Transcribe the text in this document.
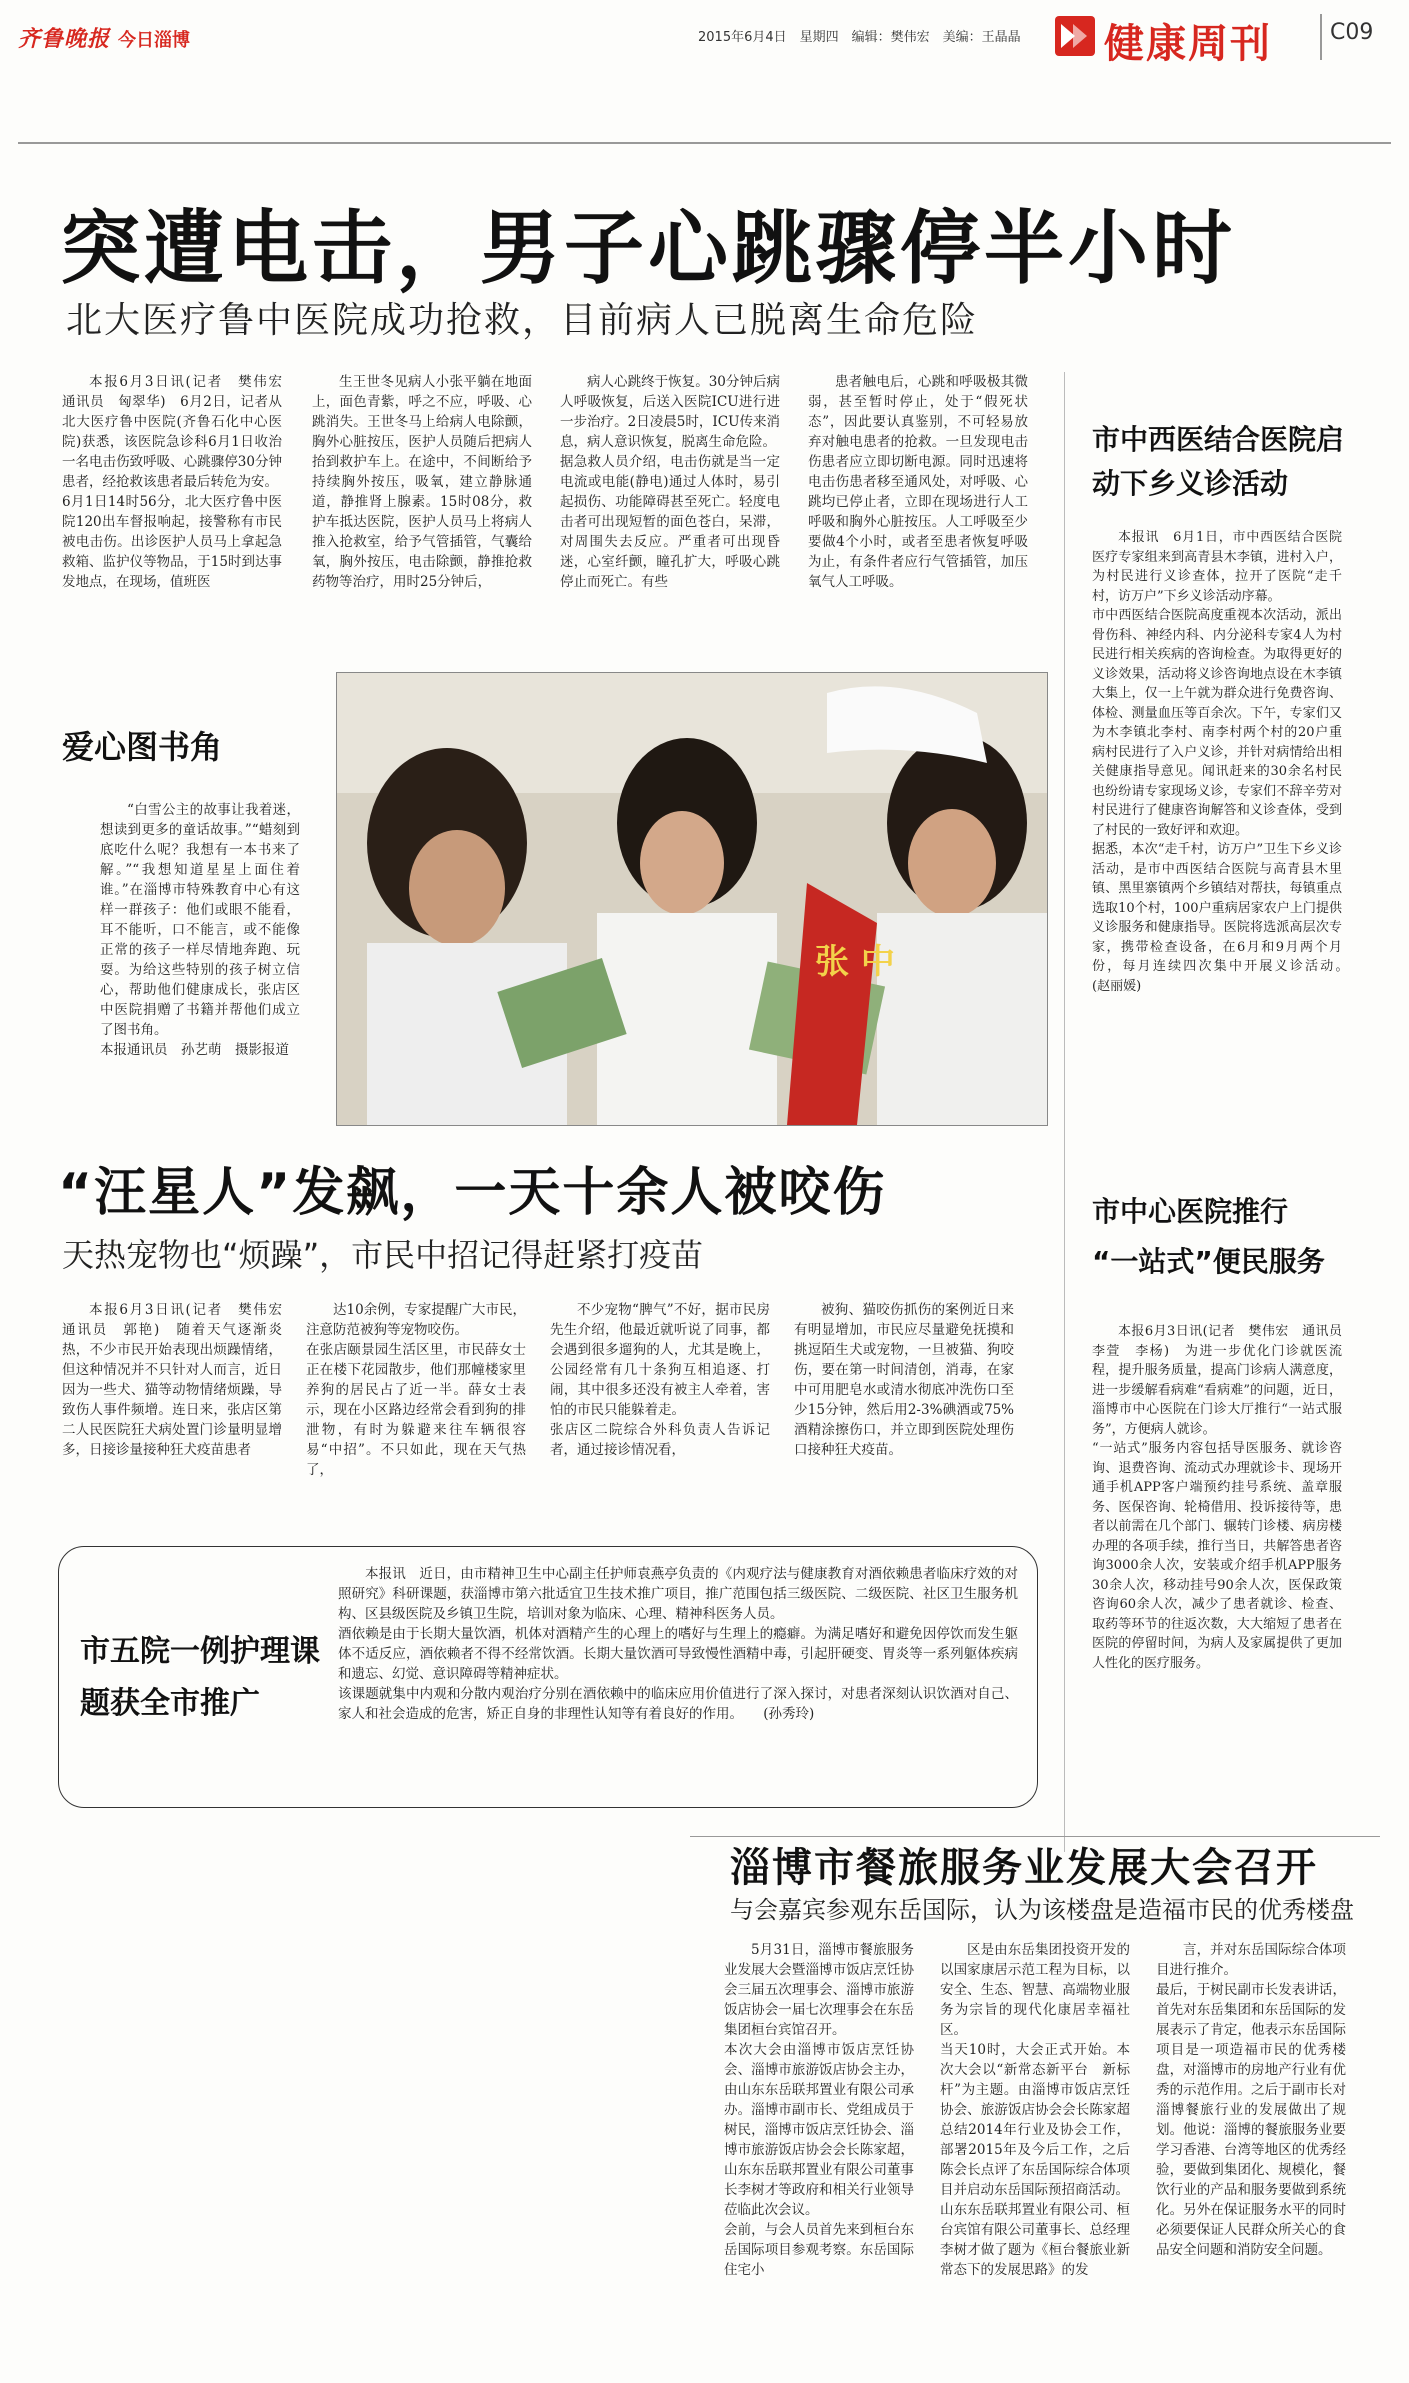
齐鲁晚报 今日淄博	2015年6月4日　星期四　编辑：樊伟宏　美编：王晶晶 健康周刊	C09
突遭电击，男子心跳骤停半小时
北大医疗鲁中医院成功抢救，目前病人已脱离生命危险

本报6月3日讯(记者　樊伟宏　通讯员　匈翠华)　6月2日，记者从北大医疗鲁中医院(齐鲁石化中心医院)获悉，该医院急诊科6月1日收治一名电击伤致呼吸、心跳骤停30分钟患者，经抢救该患者最后转危为安。
6月1日14时56分，北大医疗鲁中医院120出车督报响起，接警称有市民被电击伤。出诊医护人员马上拿起急救箱、监护仪等物品，于15时到达事发地点，在现场，值班医

生王世冬见病人小张平躺在地面上，面色青紫，呼之不应，呼吸、心跳消失。王世冬马上给病人电除颤，胸外心脏按压，医护人员随后把病人抬到救护车上。在途中，不间断给予持续胸外按压，吸氧，建立静脉通道，静推肾上腺素。15时08分，救护车抵达医院，医护人员马上将病人推入抢救室，给予气管插管，气囊给氧，胸外按压，电击除颤，静推抢救药物等治疗，用时25分钟后，

病人心跳终于恢复。30分钟后病人呼吸恢复，后送入医院ICU进行进一步治疗。2日凌晨5时，ICU传来消息，病人意识恢复，脱离生命危险。
据急救人员介绍，电击伤就是当一定电流或电能(静电)通过人体时，易引起损伤、功能障碍甚至死亡。轻度电击者可出现短暂的面色苍白，呆滞，对周围失去反应。严重者可出现昏迷，心室纤颤，瞳孔扩大，呼吸心跳停止而死亡。有些

患者触电后，心跳和呼吸极其微弱，甚至暂时停止，处于“假死状态”，因此要认真鉴别，不可轻易放弃对触电患者的抢救。一旦发现电击伤患者应立即切断电源。同时迅速将电击伤患者移至通风处，对呼吸、心跳均已停止者，立即在现场进行人工呼吸和胸外心脏按压。人工呼吸至少要做4个小时，或者至患者恢复呼吸为止，有条件者应行气管插管，加压氧气人工呼吸。

市中西医结合医院启动下乡义诊活动

本报讯　6月1日，市中西医结合医院医疗专家组来到高青县木李镇，进村入户，为村民进行义诊查体，拉开了医院“走千村，访万户”下乡义诊活动序幕。
市中西医结合医院高度重视本次活动，派出骨伤科、神经内科、内分泌科专家4人为村民进行相关疾病的咨询检查。为取得更好的义诊效果，活动将义诊咨询地点设在木李镇大集上，仅一上午就为群众进行免费咨询、体检、测量血压等百余次。下午，专家们又为木李镇北李村、南李村两个村的20户重病村民进行了入户义诊，并针对病情给出相关健康指导意见。闻讯赶来的30余名村民也纷纷请专家现场义诊，专家们不辞辛劳对村民进行了健康咨询解答和义诊查体，受到了村民的一致好评和欢迎。
据悉，本次“走千村，访万户”卫生下乡义诊活动，是市中西医结合医院与高青县木里镇、黑里寨镇两个乡镇结对帮扶，每镇重点选取10个村，100户重病居家农户上门提供义诊服务和健康指导。医院将选派高层次专家，携带检查设备，在6月和9月两个月份，每月连续四次集中开展义诊活动。　　(赵丽媛)

爱心图书角

“白雪公主的故事让我着迷，想读到更多的童话故事。”“蜡刻到底吃什么呢？我想有一本书来了解。”“我想知道星星上面住着谁。”在淄博市特殊教育中心有这样一群孩子：他们或眼不能看，耳不能听，口不能言，或不能像正常的孩子一样尽情地奔跑、玩耍。为给这些特别的孩子树立信心，帮助他们健康成长，张店区中医院捐赠了书籍并帮他们成立了图书角。
本报通讯员　孙艺萌　摄影报道

张 中
“汪星人”发飙，一天十余人被咬伤
天热宠物也“烦躁”，市民中招记得赶紧打疫苗

本报6月3日讯(记者　樊伟宏　通讯员　郭艳)　随着天气逐渐炎热，不少市民开始表现出烦躁情绪，但这种情况并不只针对人而言，近日因为一些犬、猫等动物情绪烦躁，导致伤人事件频增。连日来，张店区第二人民医院狂犬病处置门诊量明显增多，日接诊量接种狂犬疫苗患者

达10余例，专家提醒广大市民，注意防范被狗等宠物咬伤。
在张店颐景园生活区里，市民薛女士正在楼下花园散步，他们那幢楼家里养狗的居民占了近一半。薛女士表示，现在小区路边经常会看到狗的排泄物，有时为躲避来往车辆很容易“中招”。不只如此，现在天气热了，

不少宠物“脾气”不好，据市民房先生介绍，他最近就听说了同事，都会遇到很多遛狗的人，尤其是晚上，公园经常有几十条狗互相追逐、打闹，其中很多还没有被主人牵着，害怕的市民只能躲着走。
张店区二院综合外科负责人告诉记者，通过接诊情况看，

被狗、猫咬伤抓伤的案例近日来有明显增加，市民应尽量避免抚摸和挑逗陌生犬或宠物，一旦被猫、狗咬伤，要在第一时间清创，消毒，在家中可用肥皂水或清水彻底冲洗伤口至少15分钟，然后用2-3%碘酒或75%酒精涂擦伤口，并立即到医院处理伤口接种狂犬疫苗。

市中心医院推行
“一站式”便民服务

本报6月3日讯(记者　樊伟宏　通讯员　李萱　李杨)　为进一步优化门诊就医流程，提升服务质量，提高门诊病人满意度，进一步缓解看病难“看病难”的问题，近日，淄博市中心医院在门诊大厅推行“一站式服务”，方便病人就诊。
“一站式”服务内容包括导医服务、就诊咨询、退费咨询、流动式办理就诊卡、现场开通手机APP客户端预约挂号系统、盖章服务、医保咨询、轮椅借用、投诉接待等，患者以前需在几个部门、辗转门诊楼、病房楼办理的各项手续，推行当日，共解答患者咨询3000余人次，安装或介绍手机APP服务30余人次，移动挂号90余人次，医保政策咨询60余人次，减少了患者就诊、检查、取药等环节的往返次数，大大缩短了患者在医院的停留时间，为病人及家属提供了更加人性化的医疗服务。

市五院一例护理课题获全市推广

本报讯　近日，由市精神卫生中心副主任护师袁燕亭负责的《内观疗法与健康教育对酒依赖患者临床疗效的对照研究》科研课题，获淄博市第六批适宜卫生技术推广项目，推广范围包括三级医院、二级医院、社区卫生服务机构、区县级医院及乡镇卫生院，培训对象为临床、心理、精神科医务人员。
酒依赖是由于长期大量饮酒，机体对酒精产生的心理上的嗜好与生理上的瘾癖。为满足嗜好和避免因停饮而发生躯体不适反应，酒依赖者不得不经常饮酒。长期大量饮酒可导致慢性酒精中毒，引起肝硬变、胃炎等一系列躯体疾病和遗忘、幻觉、意识障碍等精神症状。
该课题就集中内观和分散内观治疗分别在酒依赖中的临床应用价值进行了深入探讨，对患者深刻认识饮酒对自己、家人和社会造成的危害，矫正自身的非理性认知等有着良好的作用。　　(孙秀玲)

淄博市餐旅服务业发展大会召开
与会嘉宾参观东岳国际，认为该楼盘是造福市民的优秀楼盘

5月31日，淄博市餐旅服务业发展大会暨淄博市饭店烹饪协会三届五次理事会、淄博市旅游饭店协会一届七次理事会在东岳集团桓台宾馆召开。
本次大会由淄博市饭店烹饪协会、淄博市旅游饭店协会主办，由山东东岳联邦置业有限公司承办。淄博市副市长、党组成员于树民，淄博市饭店烹饪协会、淄博市旅游饭店协会会长陈家超，山东东岳联邦置业有限公司董事长李树才等政府和相关行业领导莅临此次会议。
会前，与会人员首先来到桓台东岳国际项目参观考察。东岳国际住宅小

区是由东岳集团投资开发的以国家康居示范工程为目标，以安全、生态、智慧、高端物业服务为宗旨的现代化康居幸福社区。
当天10时，大会正式开始。本次大会以“新常态新平台　新标杆”为主题。由淄博市饭店烹饪协会、旅游饭店协会会长陈家超总结2014年行业及协会工作，部署2015年及今后工作，之后陈会长点评了东岳国际综合体项目并启动东岳国际预招商活动。
山东东岳联邦置业有限公司、桓台宾馆有限公司董事长、总经理李树才做了题为《桓台餐旅业新常态下的发展思路》的发

言，并对东岳国际综合体项目进行推介。
最后，于树民副市长发表讲话，首先对东岳集团和东岳国际的发展表示了肯定，他表示东岳国际项目是一项造福市民的优秀楼盘，对淄博市的房地产行业有优秀的示范作用。之后于副市长对淄博餐旅行业的发展做出了规划。他说：淄博的餐旅服务业要学习香港、台湾等地区的优秀经验，要做到集团化、规模化，餐饮行业的产品和服务要做到系统化。另外在保证服务水平的同时必须要保证人民群众所关心的食品安全问题和消防安全问题。
